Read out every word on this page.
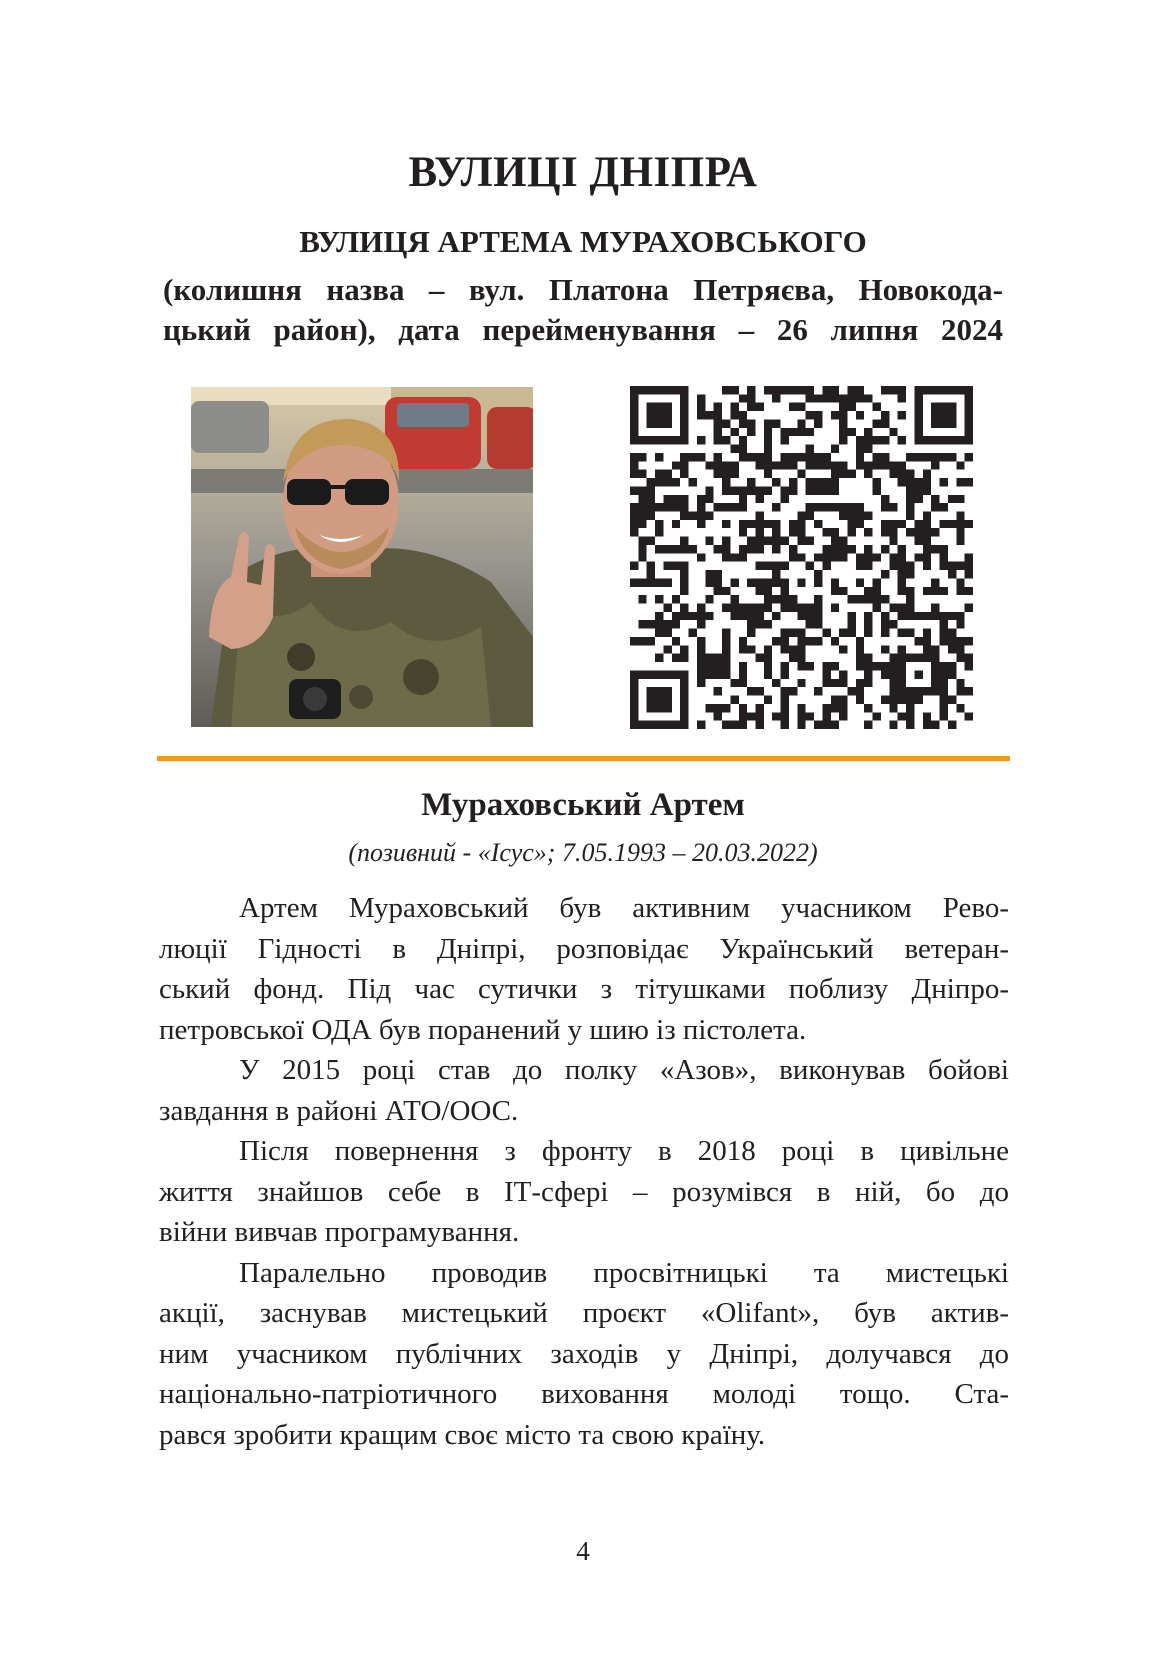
ВУЛИЦІ ДНІПРА
ВУЛИЦЯ АРТЕМА МУРАХОВСЬКОГО
(колишня назва – вул. Платона Петряєва, Новокода-
цький район), дата перейменування – 26 липня 2024
Мураховський Артем
(позивний - «Ісус»; 7.05.1993 – 20.03.2022)

Артем Мураховський був активним учасником Рево-
люції Гідності в Дніпрі, розповідає Український ветеран-
ський фонд. Під час сутички з тітушками поблизу Дніпро-
петровської ОДА був поранений у шию із пістолета.

У 2015 році став до полку «Азов», виконував бойові
завдання в районі АТО/ООС.

Після повернення з фронту в 2018 році в цивільне
життя знайшов себе в ІТ-сфері – розумівся в ній, бо до
війни вивчав програмування.

Паралельно проводив просвітницькі та мистецькі
акції, заснував мистецький проєкт «Olifant», був актив-
ним учасником публічних заходів у Дніпрі, долучався до
національно-патріотичного виховання молоді тощо. Ста-
рався зробити кращим своє місто та свою країну.

4
